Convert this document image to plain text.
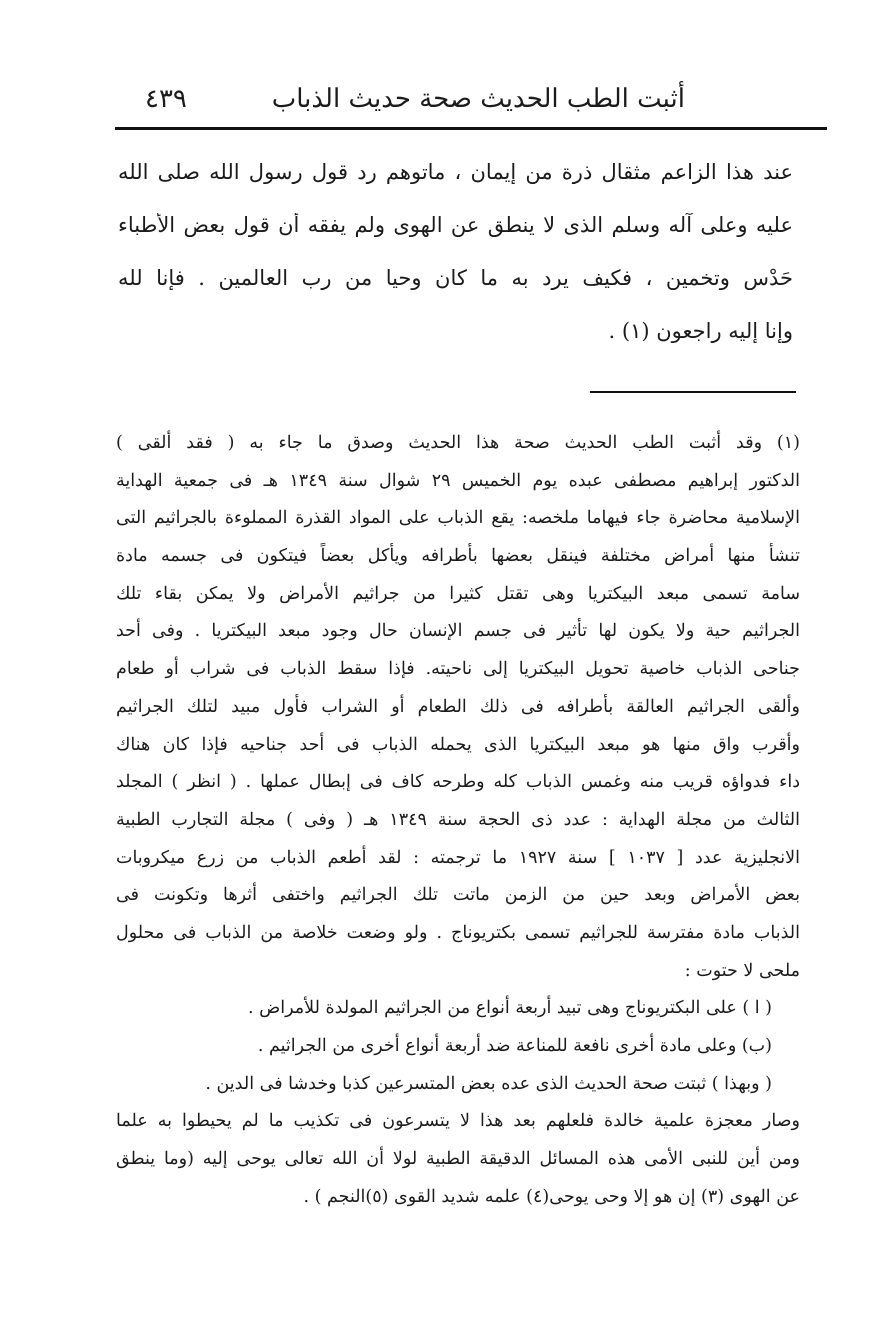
أثبت الطب الحديث صحة حديث الذباب
٤٣٩
عند هذا الزاعم مثقال ذرة من إيمان ، ماتوهم رد قول رسول الله صلى الله
عليه وعلى آله وسلم الذى لا ينطق عن الهوى ولم يفقه أن قول بعض الأطباء
حَدْس وتخمين ، فكيف يرد به ما كان وحيا من رب العالمين . فإنا لله
وإنا إليه راجعون (١) .
(١) وقد أثبت الطب الحديث صحة هذا الحديث وصدق ما جاء به ( فقد ألقى )
الدكتور إبراهيم مصطفى عبده يوم الخميس ٢٩ شوال سنة ١٣٤٩ هـ فى جمعية الهداية
الإسلامية محاضرة جاء فيهاما ملخصه: يقع الذباب على المواد القذرة المملوءة بالجراثيم التى
تنشأ منها أمراض مختلفة فينقل بعضها بأطرافه ويأكل بعضاً فيتكون فى جسمه مادة
سامة تسمى مبعد البيكتريا وهى تقتل كثيرا من جراثيم الأمراض ولا يمكن بقاء تلك
الجراثيم حية ولا يكون لها تأثير فى جسم الإنسان حال وجود مبعد البيكتريا . وفى أحد
جناحى الذباب خاصية تحويل البيكتريا إلى ناحيته. فإذا سقط الذباب فى شراب أو طعام
وألقى الجراثيم العالقة بأطرافه فى ذلك الطعام أو الشراب فأول مبيد لتلك الجراثيم
وأقرب واق منها هو مبعد البيكتريا الذى يحمله الذباب فى أحد جناحيه فإذا كان هناك
داء فدواؤه قريب منه وغمس الذباب كله وطرحه كاف فى إبطال عملها . ( انظر ) المجلد
الثالث من مجلة الهداية : عدد ذى الحجة سنة ١٣٤٩ هـ ( وفى ) مجلة التجارب الطبية
الانجليزية عدد [ ١٠٣٧ ] سنة ١٩٢٧ ما ترجمته : لقد أطعم الذباب من زرع ميكروبات
بعض الأمراض وبعد حين من الزمن ماتت تلك الجراثيم واختفى أثرها وتكونت فى
الذباب مادة مفترسة للجراثيم تسمى بكتريوناج . ولو وضعت خلاصة من الذباب فى محلول
ملحى لا حتوت :
( ا ) على البكتريوناج وهى تبيد أربعة أنواع من الجراثيم المولدة للأمراض .
(ب) وعلى مادة أخرى نافعة للمناعة ضد أربعة أنواع أخرى من الجراثيم .
( وبهذا ) ثبتت صحة الحديث الذى عده بعض المتسرعين كذبا وخدشا فى الدين .
وصار معجزة علمية خالدة فلعلهم بعد هذا لا يتسرعون فى تكذيب ما لم يحيطوا به علما
ومن أين للنبى الأمى هذه المسائل الدقيقة الطبية لولا أن الله تعالى يوحى إليه (وما ينطق
عن الهوى (٣) إن هو إلا وحى يوحى(٤) علمه شديد القوى (٥)النجم ) .
